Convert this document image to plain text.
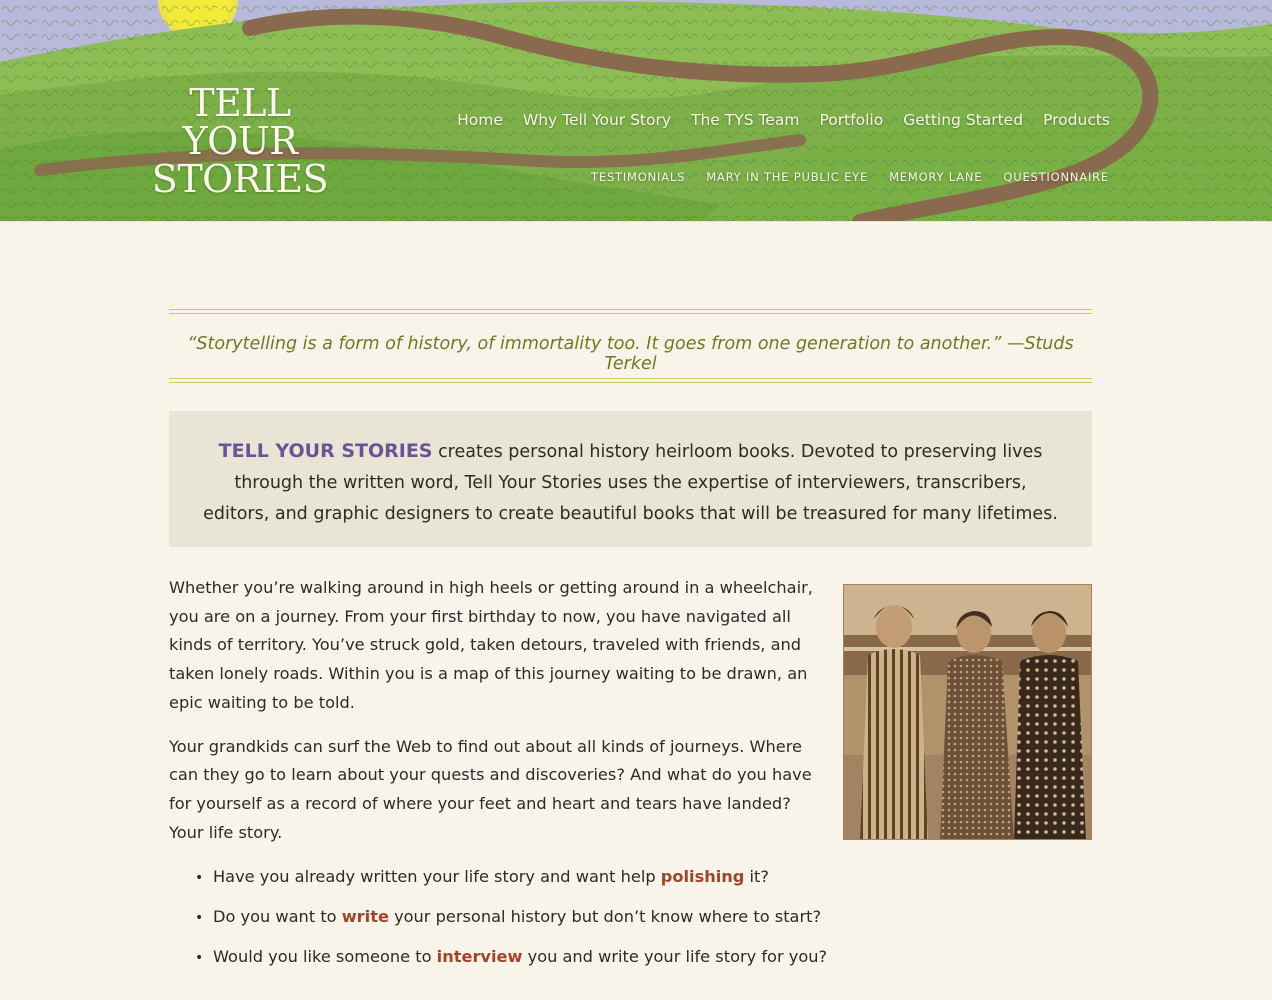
TELL YOUR
STORIES
Home Why Tell Your Story The TYS Team Portfolio Getting Started Products
TESTIMONIALS MARY IN THE PUBLIC EYE MEMORY LANE QUESTIONNAIRE

“Storytelling is a form of history, of immortality too. It goes from one generation to another.” —Studs Terkel

TELL YOUR STORIES creates personal history heirloom books. Devoted to preserving lives through the written word, Tell Your Stories uses the expertise of interviewers, transcribers, editors, and graphic designers to create beautiful books that will be treasured for many lifetimes.

Whether you’re walking around in high heels or getting around in a wheelchair, you are on a journey. From your first birthday to now, you have navigated all kinds of territory. You’ve struck gold, taken detours, traveled with friends, and taken lonely roads. Within you is a map of this journey waiting to be drawn, an epic waiting to be told.

Your grandkids can surf the Web to find out about all kinds of journeys. Where can they go to learn about your quests and discoveries? And what do you have for yourself as a record of where your feet and heart and tears have landed? Your life story.

• Have you already written your life story and want help polishing it?
• Do you want to write your personal history but don’t know where to start?
• Would you like someone to interview you and write your life story for you?
